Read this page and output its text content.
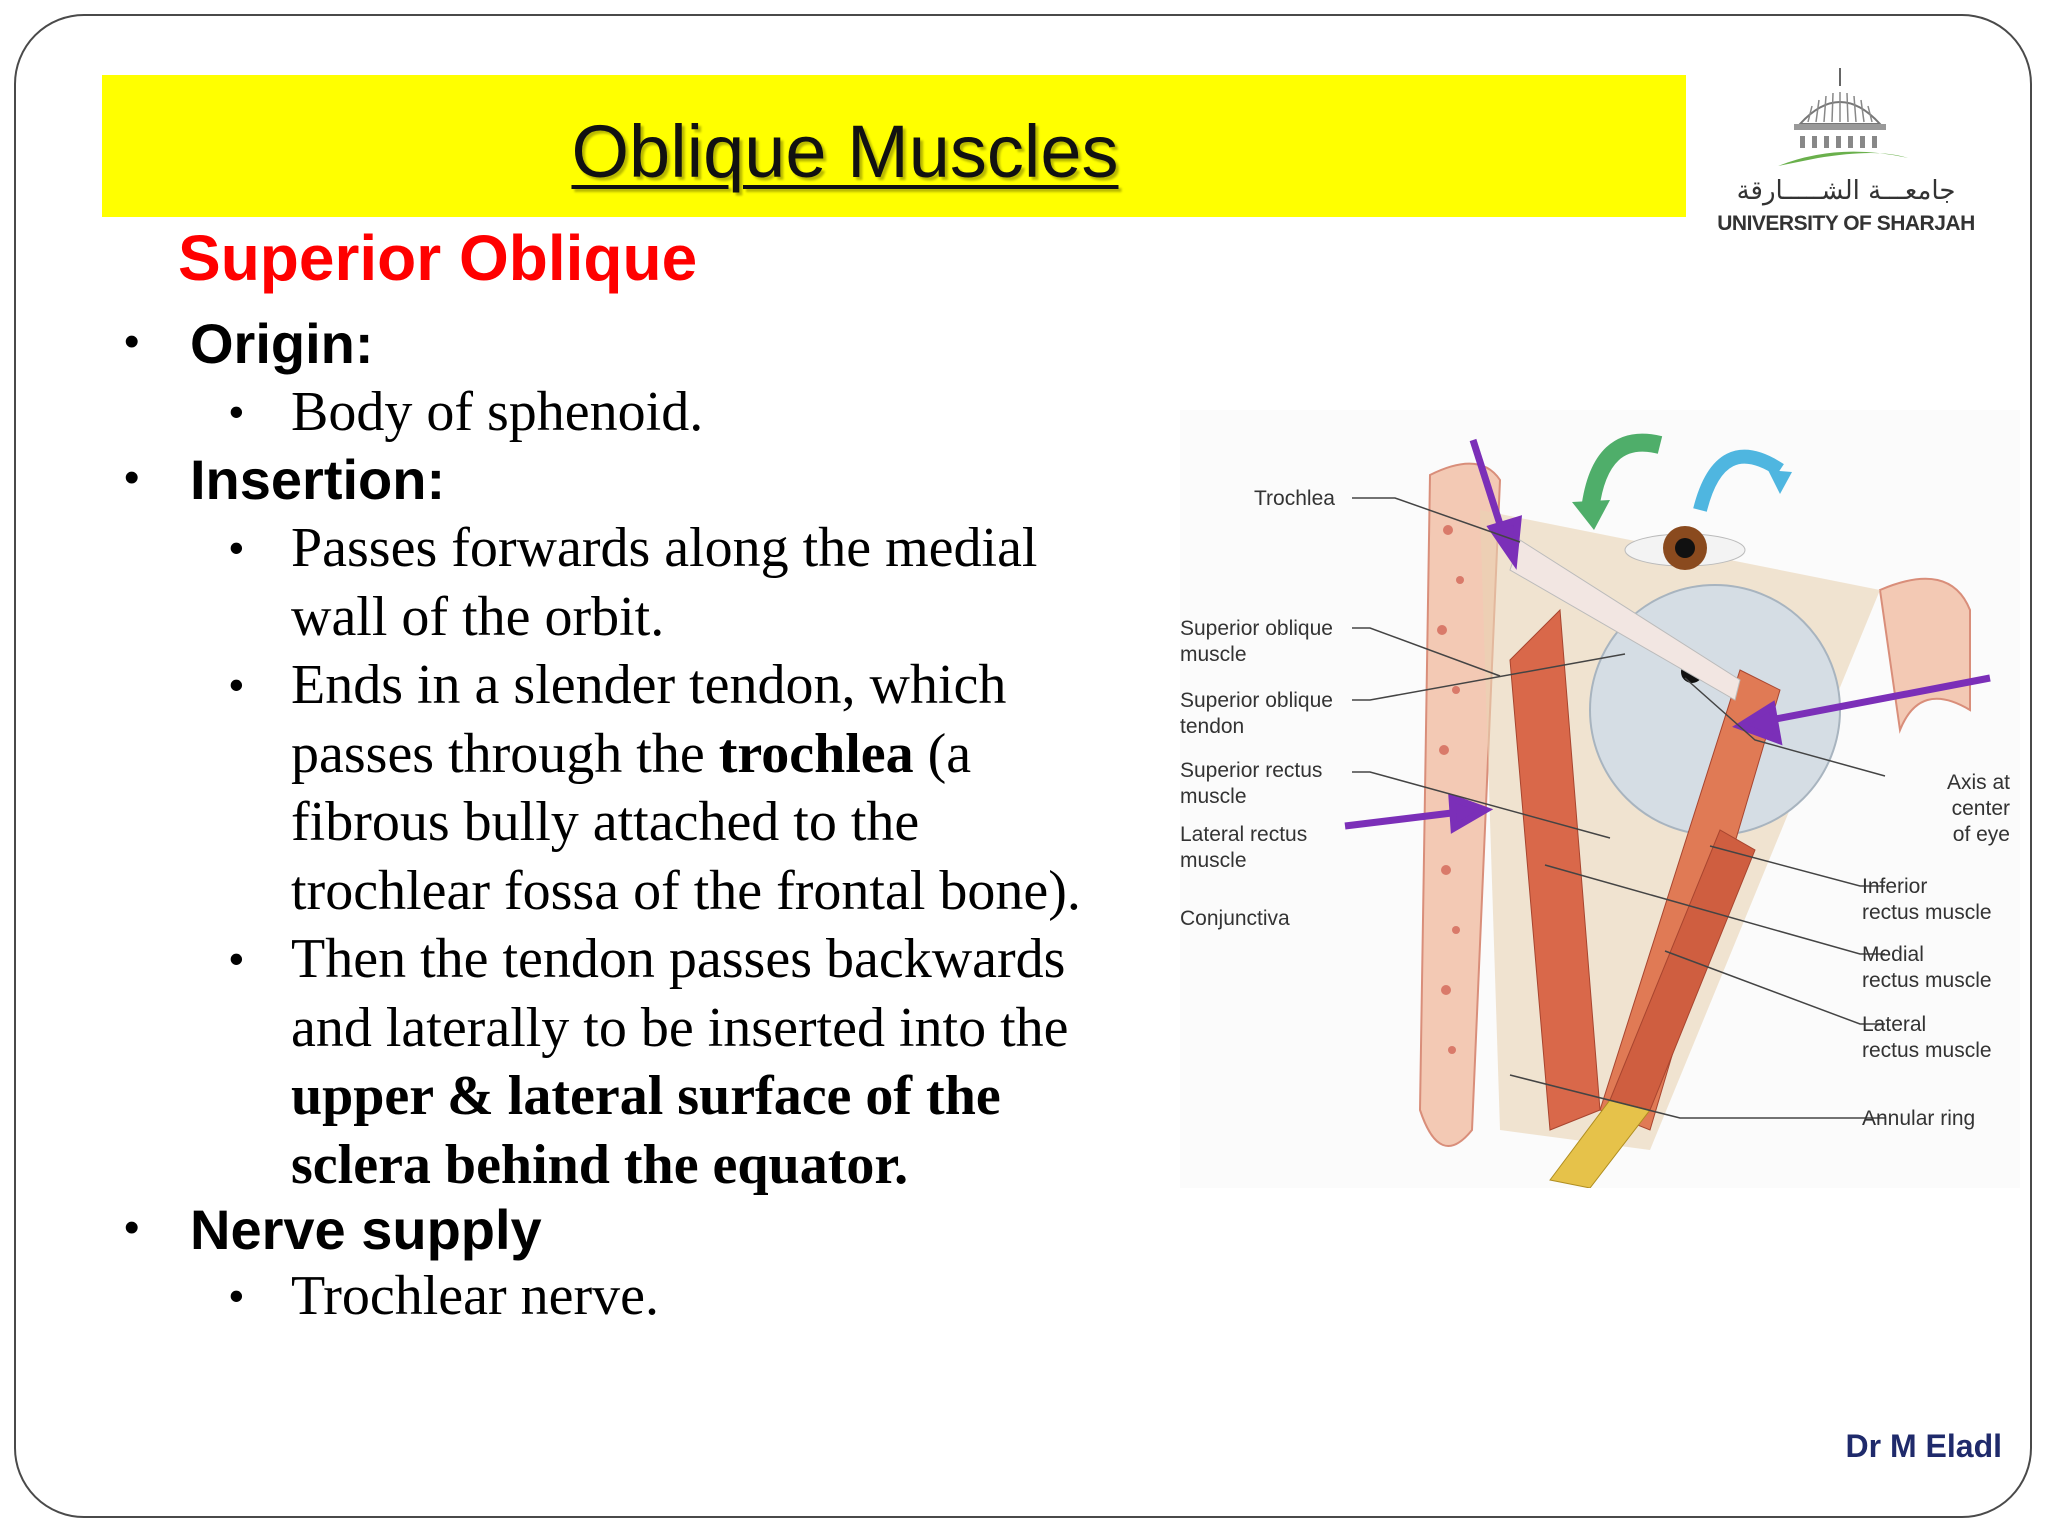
Oblique Muscles	جامعـــة الشـــــارقة
UNIVERSITY OF SHARJAH
Superior Oblique
• Origin:
• Body of sphenoid.
• Insertion:
• Passes forwards along the medial
wall of the orbit.
• Ends in a slender tendon, which
passes through the trochlea (a
fibrous bully attached to the
trochlear fossa of the frontal bone).
• Then the tendon passes backwards
and laterally to be inserted into the
upper & lateral surface of the
sclera behind the equator.
• Nerve supply
• Trochlear nerve.
Trochlea
Superior oblique
muscle
Superior oblique
tendon
Superior rectus
muscle
Lateral rectus
muscle
Conjunctiva
Axis at
center
of eye
Inferior
rectus muscle
Medial
rectus muscle
Lateral
rectus muscle
Annular ring
Dr M Eladl
